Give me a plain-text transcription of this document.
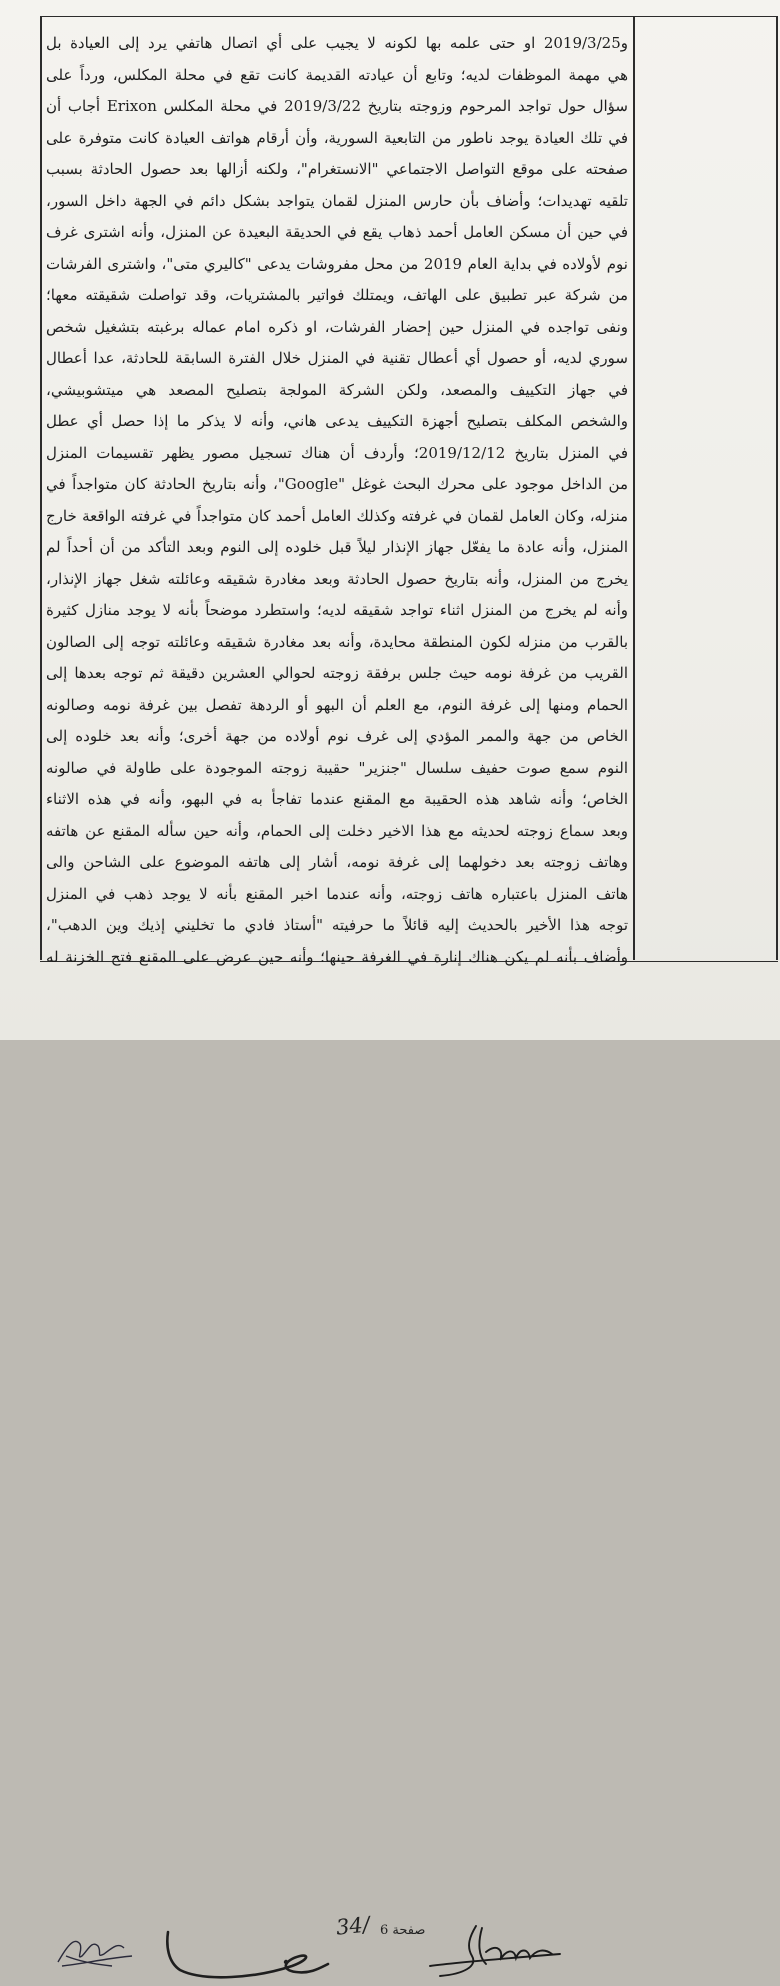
و2019/3/25 او حتى علمه بها لكونه لا يجيب على أي اتصال هاتفي يرد إلى العيادة بل
هي مهمة الموظفات لديه؛ وتابع أن عيادته القديمة كانت تقع في محلة المكلس، ورداً على
سؤال حول تواجد المرحوم وزوجته بتاريخ 2019/3/22 في محلة المكلس Erixon أجاب أن
في تلك العيادة يوجد ناطور من التابعية السورية، وأن أرقام هواتف العيادة كانت متوفرة على
صفحته على موقع التواصل الاجتماعي "الانستغرام"، ولكنه أزالها بعد حصول الحادثة بسبب
تلقيه تهديدات؛ وأضاف بأن حارس المنزل لقمان يتواجد بشكل دائم في الجهة داخل السور،
في حين أن مسكن العامل أحمد ذهاب يقع في الحديقة البعيدة عن المنزل، وأنه اشترى غرف
نوم لأولاده في بداية العام 2019 من محل مفروشات يدعى "كاليري متى"، واشترى الفرشات
من شركة عبر تطبيق على الهاتف، ويمتلك فواتير بالمشتريات، وقد تواصلت شقيقته معها؛
ونفى تواجده في المنزل حين إحضار الفرشات، او ذكره امام عماله برغبته بتشغيل شخص
سوري لديه، أو حصول أي أعطال تقنية في المنزل خلال الفترة السابقة للحادثة، عدا أعطال
في جهاز التكييف والمصعد، ولكن الشركة المولجة بتصليح المصعد هي ميتشوبيشي،
والشخص المكلف بتصليح أجهزة التكييف يدعى هاني، وأنه لا يذكر ما إذا حصل أي عطل
في المنزل بتاريخ 2019/12/12؛ وأردف أن هناك تسجيل مصور يظهر تقسيمات المنزل
من الداخل موجود على محرك البحث غوغل "Google"، وأنه بتاريخ الحادثة كان متواجداً في
منزله، وكان العامل لقمان في غرفته وكذلك العامل أحمد كان متواجداً في غرفته الواقعة خارج
المنزل، وأنه عادة ما يفعّل جهاز الإنذار ليلاً قبل خلوده إلى النوم وبعد التأكد من أن أحداً لم
يخرج من المنزل، وأنه بتاريخ حصول الحادثة وبعد مغادرة شقيقه وعائلته شغل جهاز الإنذار،
وأنه لم يخرج من المنزل اثناء تواجد شقيقه لديه؛ واستطرد موضحاً بأنه لا يوجد منازل كثيرة
بالقرب من منزله لكون المنطقة محايدة، وأنه بعد مغادرة شقيقه وعائلته توجه إلى الصالون
القريب من غرفة نومه حيث جلس برفقة زوجته لحوالي العشرين دقيقة ثم توجه بعدها إلى
الحمام ومنها إلى غرفة النوم، مع العلم أن البهو أو الردهة تفصل بين غرفة نومه وصالونه
الخاص من جهة والممر المؤدي إلى غرف نوم أولاده من جهة أخرى؛ وأنه بعد خلوده إلى
النوم سمع صوت حفيف سلسال "جنزير" حقيبة زوجته الموجودة على طاولة في صالونه
الخاص؛ وأنه شاهد هذه الحقيبة مع المقنع عندما تفاجأ به في البهو، وأنه في هذه الاثناء
وبعد سماع زوجته لحديثه مع هذا الاخير دخلت إلى الحمام، وأنه حين سأله المقنع عن هاتفه
وهاتف زوجته بعد دخولهما إلى غرفة نومه، أشار إلى هاتفه الموضوع على الشاحن والى
هاتف المنزل باعتباره هاتف زوجته، وأنه عندما اخبر المقنع بأنه لا يوجد ذهب في المنزل
توجه هذا الأخير بالحديث إليه قائلاً ما حرفيته "أستاذ فادي ما تخليني إذيك وين الدهب"،
وأضاف بأنه لم يكن هناك إنارة في الغرفة حينها؛ وأنه حين عرض على المقنع فتح الخزنة له
34/ صفحة 6
